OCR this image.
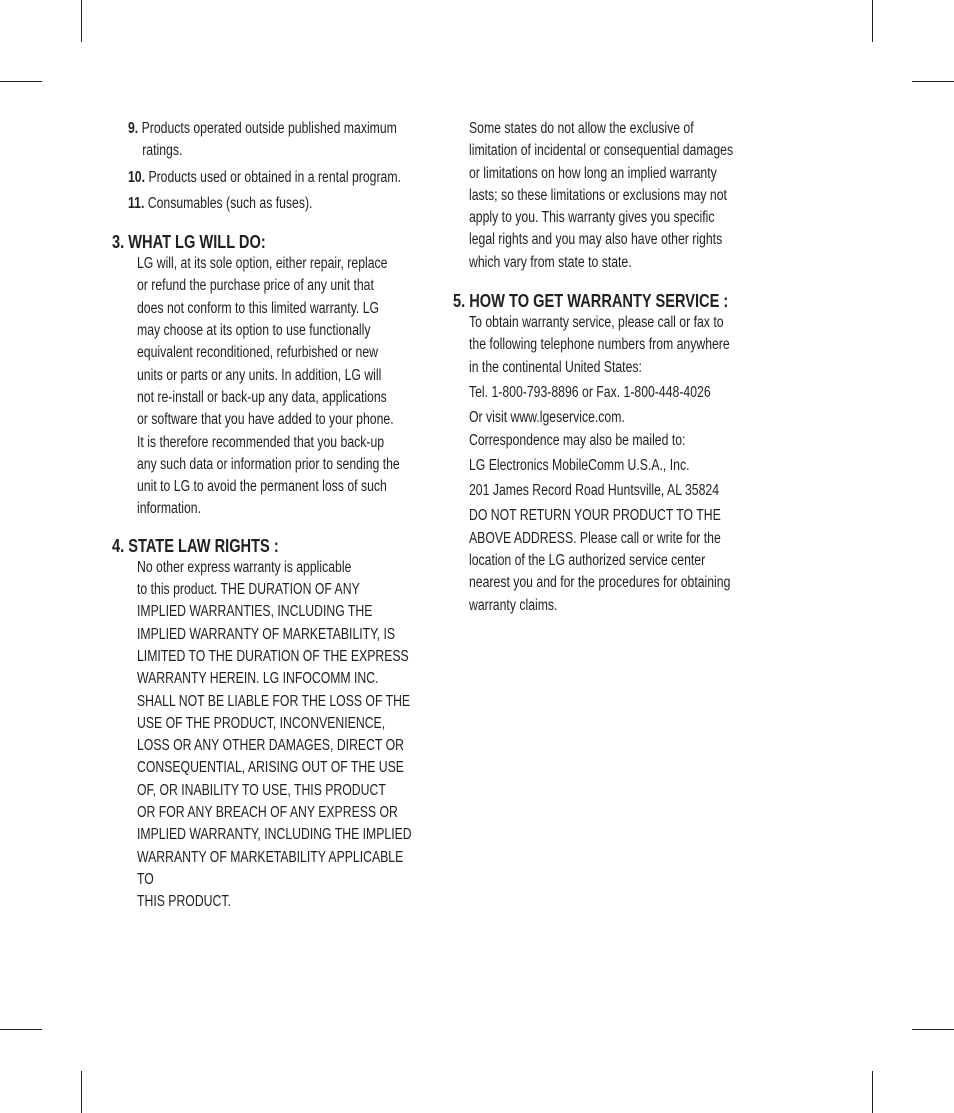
9. Products operated outside published maximum
ratings.
10. Products used or obtained in a rental program.
11. Consumables (such as fuses).
3. WHAT LG WILL DO:
LG will, at its sole option, either repair, replace
or refund the purchase price of any unit that
does not conform to this limited warranty. LG
may choose at its option to use functionally
equivalent reconditioned, refurbished or new
units or parts or any units. In addition, LG will
not re-install or back-up any data, applications
or software that you have added to your phone.
It is therefore recommended that you back-up
any such data or information prior to sending the
unit to LG to avoid the permanent loss of such
information.
4. STATE LAW RIGHTS :
No other express warranty is applicable
to this product. THE DURATION OF ANY
IMPLIED WARRANTIES, INCLUDING THE
IMPLIED WARRANTY OF MARKETABILITY, IS
LIMITED TO THE DURATION OF THE EXPRESS
WARRANTY HEREIN. LG INFOCOMM INC.
SHALL NOT BE LIABLE FOR THE LOSS OF THE
USE OF THE PRODUCT, INCONVENIENCE,
LOSS OR ANY OTHER DAMAGES, DIRECT OR
CONSEQUENTIAL, ARISING OUT OF THE USE
OF, OR INABILITY TO USE, THIS PRODUCT
OR FOR ANY BREACH OF ANY EXPRESS OR
IMPLIED WARRANTY, INCLUDING THE IMPLIED
WARRANTY OF MARKETABILITY APPLICABLE TO
THIS PRODUCT.
Some states do not allow the exclusive of
limitation of incidental or consequential damages
or limitations on how long an implied warranty
lasts; so these limitations or exclusions may not
apply to you. This warranty gives you specific
legal rights and you may also have other rights
which vary from state to state.
5. HOW TO GET WARRANTY SERVICE :
To obtain warranty service, please call or fax to
the following telephone numbers from anywhere
in the continental United States:
Tel. 1-800-793-8896 or Fax. 1-800-448-4026
Or visit www.lgeservice.com.
Correspondence may also be mailed to:
LG Electronics MobileComm U.S.A., Inc.
201 James Record Road Huntsville, AL 35824
DO NOT RETURN YOUR PRODUCT TO THE
ABOVE ADDRESS. Please call or write for the
location of the LG authorized service center
nearest you and for the procedures for obtaining
warranty claims.
